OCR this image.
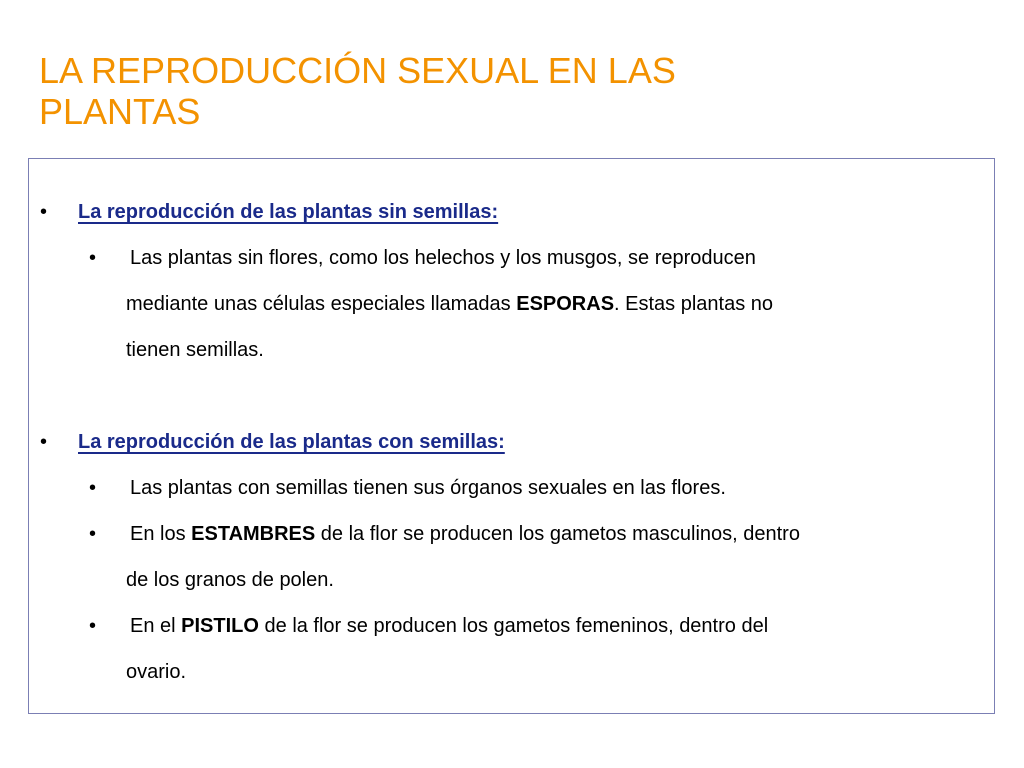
LA REPRODUCCIÓN SEXUAL EN LAS
PLANTAS
• La reproducción de las plantas sin semillas:
• Las plantas sin flores, como los helechos y los musgos, se reproducen
mediante unas células especiales llamadas ESPORAS. Estas plantas no
tienen semillas.
• La reproducción de las plantas con semillas:
• Las plantas con semillas tienen sus órganos sexuales en las flores.
• En los ESTAMBRES de la flor se producen los gametos masculinos, dentro
de los granos de polen.
• En el PISTILO de la flor se producen los gametos femeninos, dentro del
ovario.
